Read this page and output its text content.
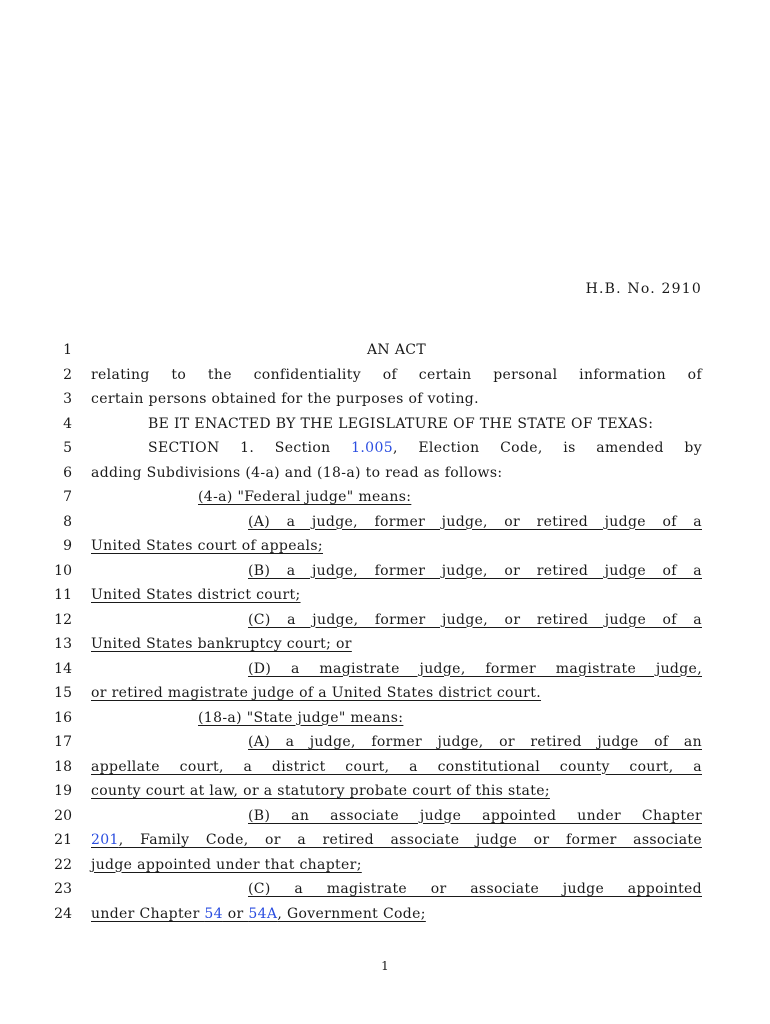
H.B. No. 2910
1	AN ACT
2 relating to the confidentiality of certain personal information of
3 certain persons obtained for the purposes of voting.
4	BE IT ENACTED BY THE LEGISLATURE OF THE STATE OF TEXAS:
5	SECTION 1. Section 1.005, Election Code, is amended by
6 adding Subdivisions (4-a) and (18-a) to read as follows:
7	(4-a) "Federal judge" means:
8	(A) a judge, former judge, or retired judge of a
9 United States court of appeals;
10	(B) a judge, former judge, or retired judge of a
11 United States district court;
12	(C) a judge, former judge, or retired judge of a
13 United States bankruptcy court; or
14	(D) a magistrate judge, former magistrate judge,
15 or retired magistrate judge of a United States district court.
16	(18-a) "State judge" means:
17	(A) a judge, former judge, or retired judge of an
18 appellate court, a district court, a constitutional county court, a
19 county court at law, or a statutory probate court of this state;
20	(B) an associate judge appointed under Chapter
21 201, Family Code, or a retired associate judge or former associate
22 judge appointed under that chapter;
23	(C) a magistrate or associate judge appointed
24 under Chapter 54 or 54A, Government Code;
1
